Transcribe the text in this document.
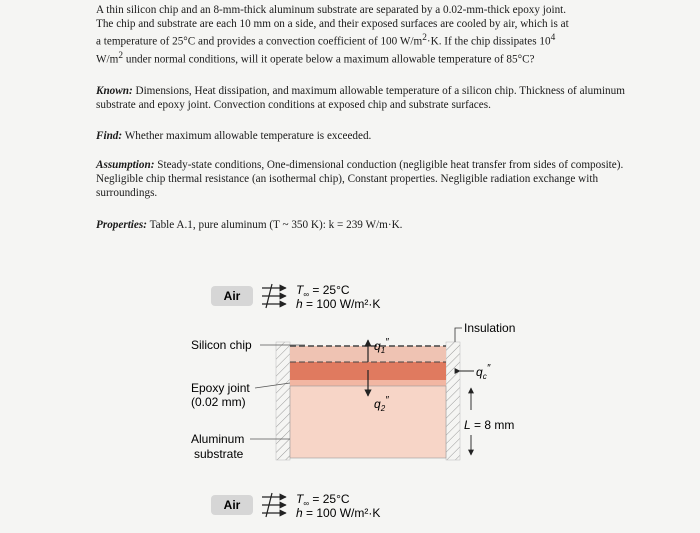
A thin silicon chip and an 8-mm-thick aluminum substrate are separated by a 0.02-mm-thick epoxy joint.
The chip and substrate are each 10 mm on a side, and their exposed surfaces are cooled by air, which is at
a temperature of 25°C and provides a convection coefficient of 100 $W/m^2\cdot K$. If the chip dissipates $10^4$
$W/m^2$ under normal conditions, will it operate below a maximum allowable temperature of 85°C?
Known: Dimensions, Heat dissipation, and maximum allowable temperature of a silicon chip. Thickness of aluminum substrate and epoxy joint. Convection conditions at exposed chip and substrate surfaces.
Find: Whether maximum allowable temperature is exceeded.
Assumption: Steady-state conditions, One-dimensional conduction (negligible heat transfer from sides of composite). Negligible chip thermal resistance (an isothermal chip), Constant properties. Negligible radiation exchange with surroundings.
Properties: Table A.1, pure aluminum (T ~ 350 K): k = 239 W/m·K.
Air	$T_\infty = 25^\circ C$
h = 100 W/m²·K
Insulation
$q_1''$
$q_2''$
$q_c''$
L = 8 mm
Silicon chip
Epoxy joint
(0.02 mm)
Aluminum
substrate
Air	$T_\infty = 25^\circ C$
h = 100 W/m²·K
